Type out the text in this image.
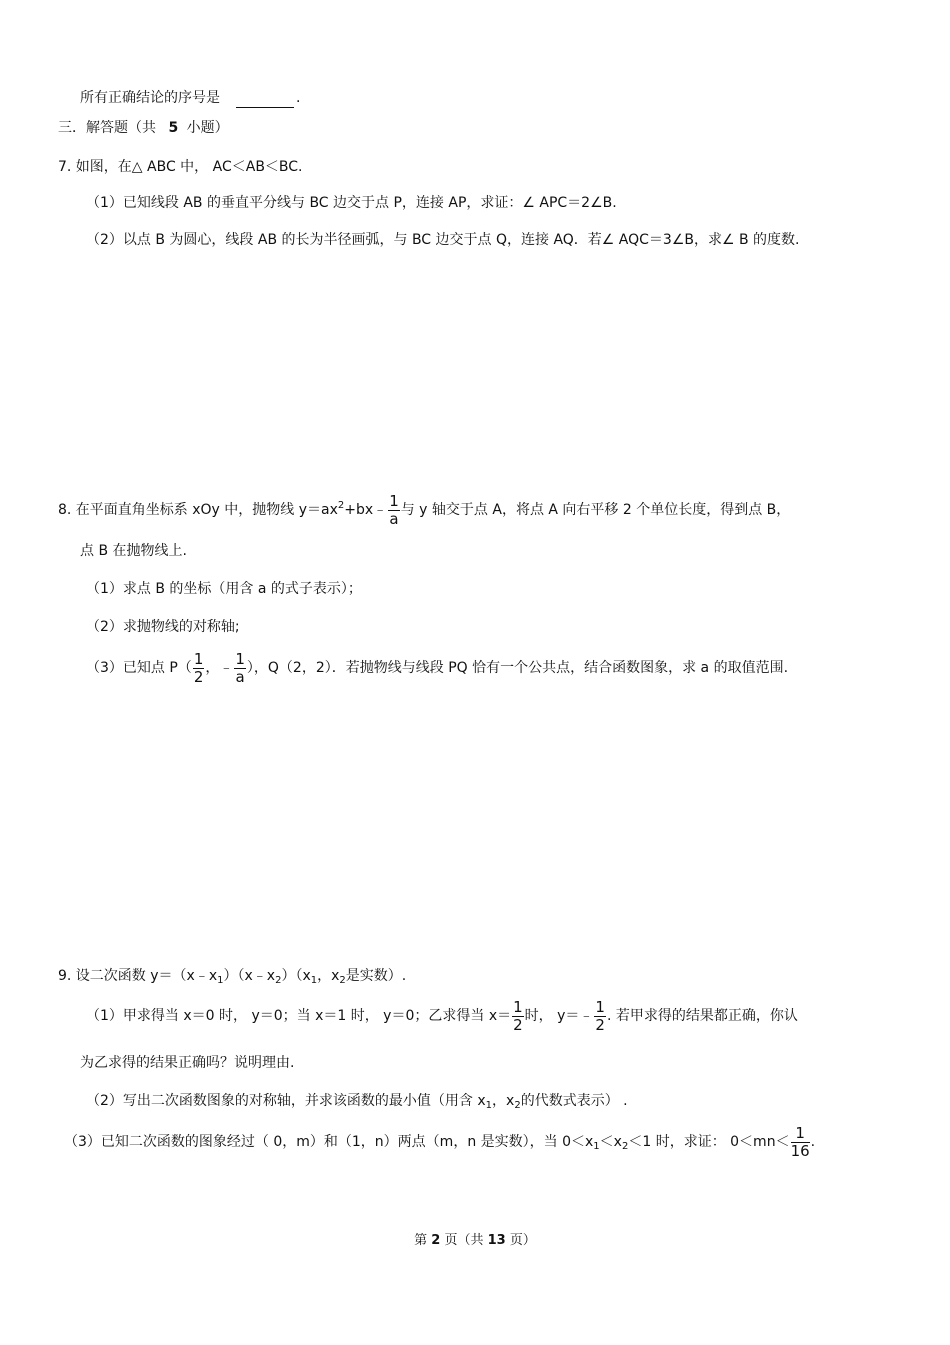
所有正确结论的序号是	.
三．解答题（共 5 小题）
7. 如图，在△ ABC 中， AC＜AB＜BC.
（1）已知线段 AB 的垂直平分线与 BC 边交于点 P，连接 AP，求证：∠ APC＝2∠B.
（2）以点 B 为圆心，线段 AB 的长为半径画弧，与 BC 边交于点 Q，连接 AQ．若∠ AQC＝3∠B，求∠ B 的度数.
8. 在平面直角坐标系 xOy 中，抛物线 $y=ax^2+bx﹣ \frac{1}{a}$ 与 y 轴交于点 A，将点 A 向右平移 2 个单位长度，得到点 B，
点 B 在抛物线上.
（1）求点 B 的坐标（用含 a 的式子表示）；
（2）求抛物线的对称轴;
（3）已知点 $P( \frac{1}{2}$ ，﹣ $\frac{1}{a}$ ），Q（2，2）．若抛物线与线段 PQ 恰有一个公共点，结合函数图象，求 a 的取值范围.
9. 设二次函数 $y=(x﹣x_1)(x﹣x_2)(x_1$，$x_2$是实数）.
（1）甲求得当 x＝0 时， y＝0；当 x＝1 时， y＝0；乙求得当 $x= \frac{1}{2}$ 时， y＝﹣ $\frac{1}{2}$ . 若甲求得的结果都正确，你认
为乙求得的结果正确吗？说明理由.
（2）写出二次函数图象的对称轴，并求该函数的最小值（用含 $x_1$，$x_2$的代数式表示） .
（3）已知二次函数的图象经过（ 0，m）和（1，n）两点（m，n 是实数），当 $0<x_1<x_2<1$ 时，求证： $0<mn< \frac{1}{16}$ .
第 2 页（共 13 页）
